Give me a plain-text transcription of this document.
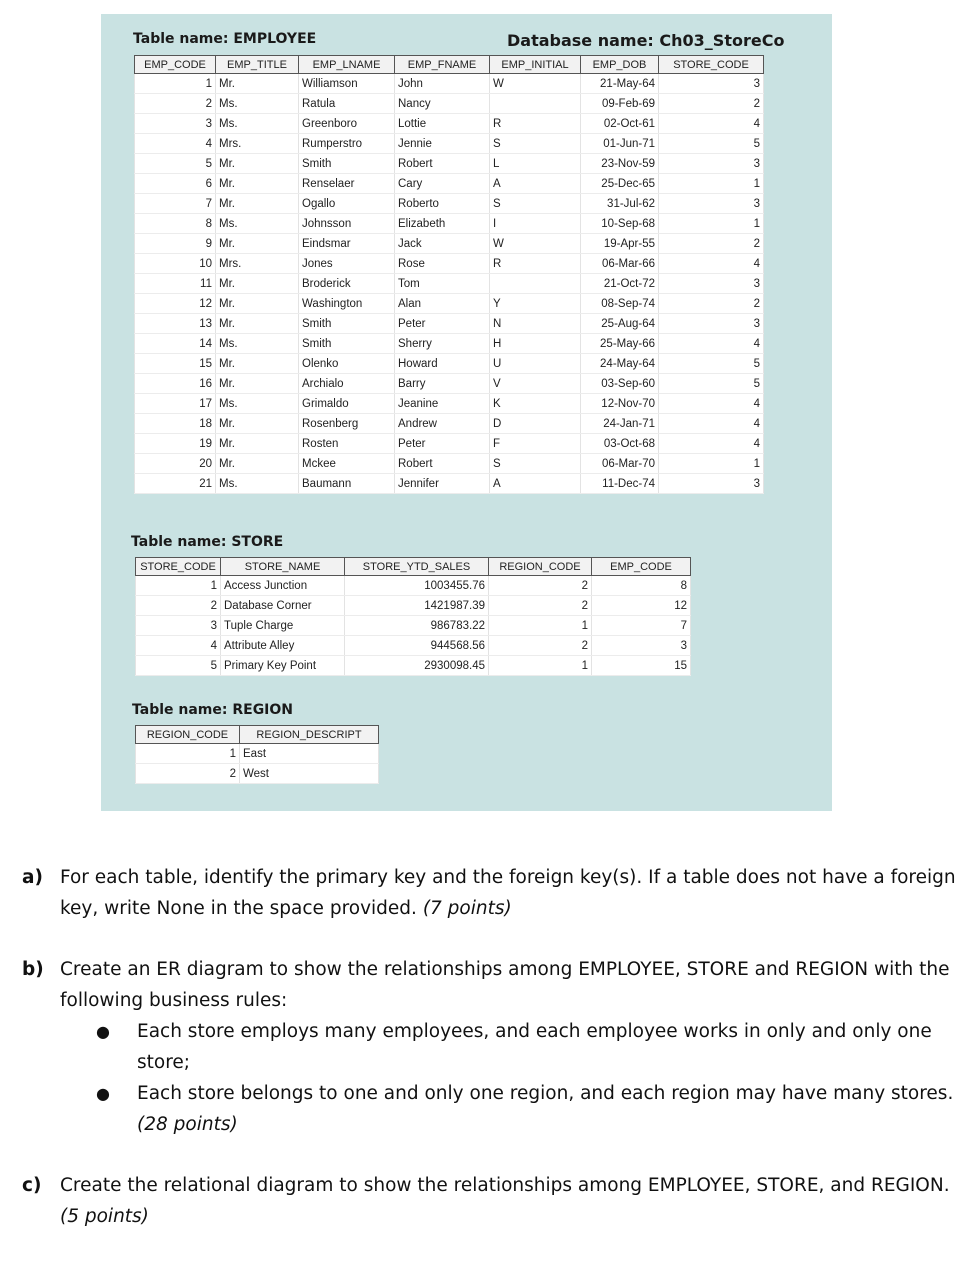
Table name: EMPLOYEE	Database name: Ch03_StoreCo
EMP_CODE	EMP_TITLE	EMP_LNAME	EMP_FNAME	EMP_INITIAL	EMP_DOB	STORE_CODE
1	Mr.	Williamson	John	W	21-May-64	3
2	Ms.	Ratula	Nancy		09-Feb-69	2
3	Ms.	Greenboro	Lottie	R	02-Oct-61	4
4	Mrs.	Rumperstro	Jennie	S	01-Jun-71	5
5	Mr.	Smith	Robert	L	23-Nov-59	3
6	Mr.	Renselaer	Cary	A	25-Dec-65	1
7	Mr.	Ogallo	Roberto	S	31-Jul-62	3
8	Ms.	Johnsson	Elizabeth	I	10-Sep-68	1
9	Mr.	Eindsmar	Jack	W	19-Apr-55	2
10	Mrs.	Jones	Rose	R	06-Mar-66	4
11	Mr.	Broderick	Tom		21-Oct-72	3
12	Mr.	Washington	Alan	Y	08-Sep-74	2
13	Mr.	Smith	Peter	N	25-Aug-64	3
14	Ms.	Smith	Sherry	H	25-May-66	4
15	Mr.	Olenko	Howard	U	24-May-64	5
16	Mr.	Archialo	Barry	V	03-Sep-60	5
17	Ms.	Grimaldo	Jeanine	K	12-Nov-70	4
18	Mr.	Rosenberg	Andrew	D	24-Jan-71	4
19	Mr.	Rosten	Peter	F	03-Oct-68	4
20	Mr.	Mckee	Robert	S	06-Mar-70	1
21	Ms.	Baumann	Jennifer	A	11-Dec-74	3
Table name: STORE
STORE_CODE	STORE_NAME	STORE_YTD_SALES	REGION_CODE	EMP_CODE
1	Access Junction	1003455.76	2	8
2	Database Corner	1421987.39	2	12
3	Tuple Charge	986783.22	1	7
4	Attribute Alley	944568.56	2	3
5	Primary Key Point	2930098.45	1	15
Table name: REGION
REGION_CODE	REGION_DESCRIPT
1	East
2	West
a) For each table, identify the primary key and the foreign key(s). If a table does not have a foreign key, write None in the space provided. (7 points)
b) Create an ER diagram to show the relationships among EMPLOYEE, STORE and REGION with the following business rules:
● Each store employs many employees, and each employee works in only and only one store;
● Each store belongs to one and only one region, and each region may have many stores. (28 points)
c) Create the relational diagram to show the relationships among EMPLOYEE, STORE, and REGION. (5 points)
